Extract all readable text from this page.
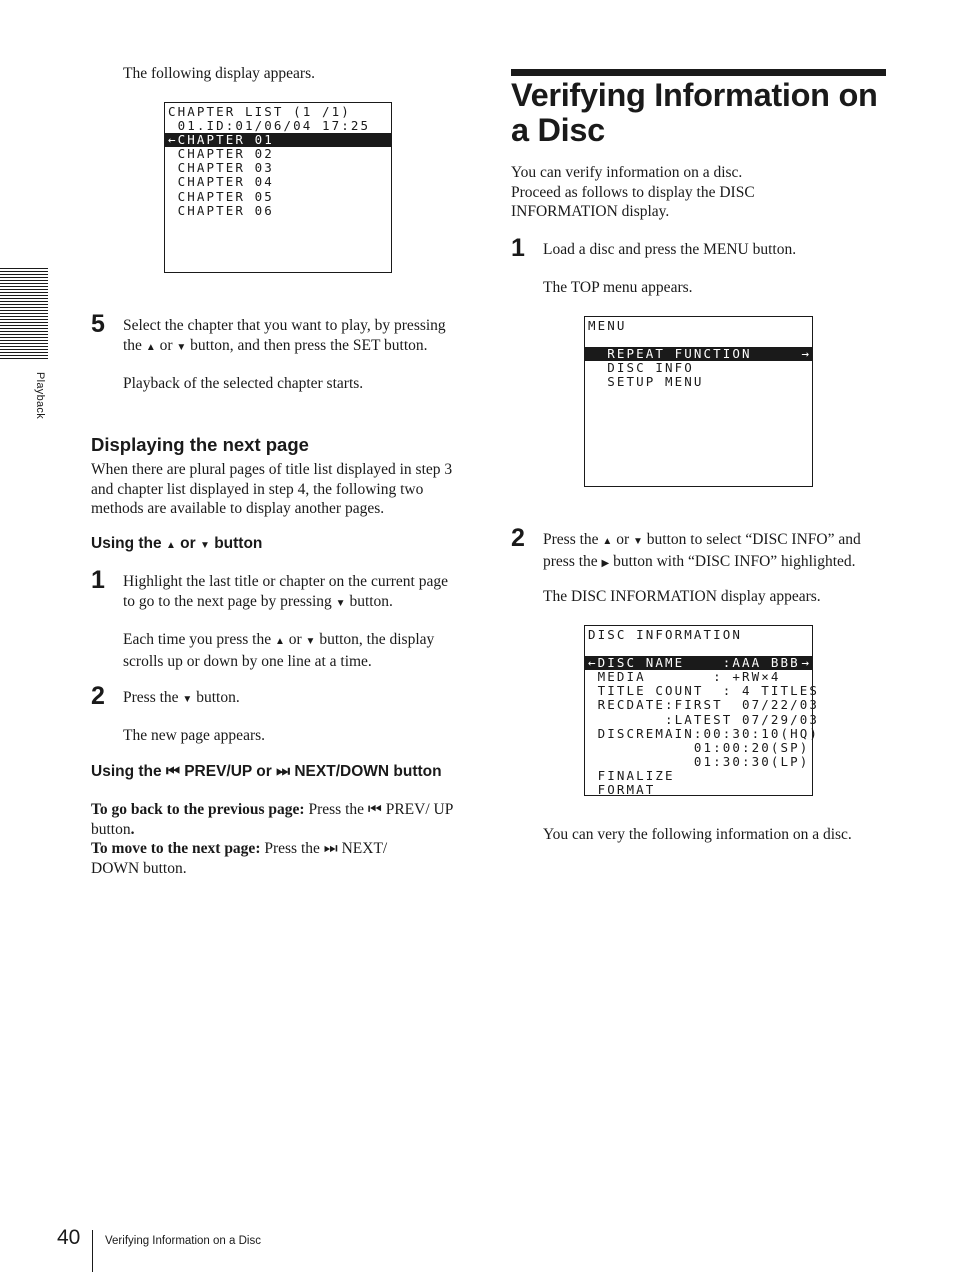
Playback
The following display appears.
CHAPTER LIST (1 /1)
01.ID:01/06/04 17:25
←CHAPTER 01
CHAPTER 02
CHAPTER 03
CHAPTER 04
CHAPTER 05
CHAPTER 06
5 Select the chapter that you want to play, by pressing the ▲ or ▼ button, and then press the SET button.
Playback of the selected chapter starts.
Displaying the next page
When there are plural pages of title list displayed in step 3 and chapter list displayed in step 4, the following two methods are available to display another pages.
Using the ▲ or ▼ button
1 Highlight the last title or chapter on the current page to go to the next page by pressing ▼ button.
Each time you press the ▲ or ▼ button, the display scrolls up or down by one line at a time.
2 Press the ▼ button.
The new page appears.
Using the ⏮ PREV/UP or ⏭ NEXT/DOWN button
To go back to the previous page: Press the ⏮ PREV/ UP button.
To move to the next page: Press the ⏭ NEXT/ DOWN button.
Verifying Information on a Disc
You can verify information on a disc. Proceed as follows to display the DISC INFORMATION display.
1 Load a disc and press the MENU button.
The TOP menu appears.
MENU
REPEAT FUNCTION	→
DISC INFO
SETUP MENU
2 Press the ▲ or ▼ button to select “DISC INFO” and press the ▶ button with “DISC INFO” highlighted.
The DISC INFORMATION display appears.
DISC INFORMATION
←DISC NAME    :AAA BBB →
MEDIA       : +RW×4
TITLE COUNT  : 4 TITLES
RECDATE:FIRST  07/22/03
:LATEST 07/29/03
DISCREMAIN:00:30:10(HQ)
01:00:20(SP)
01:30:30(LP)
FINALIZE
FORMAT
You can very the following information on a disc.
40 Verifying Information on a Disc
